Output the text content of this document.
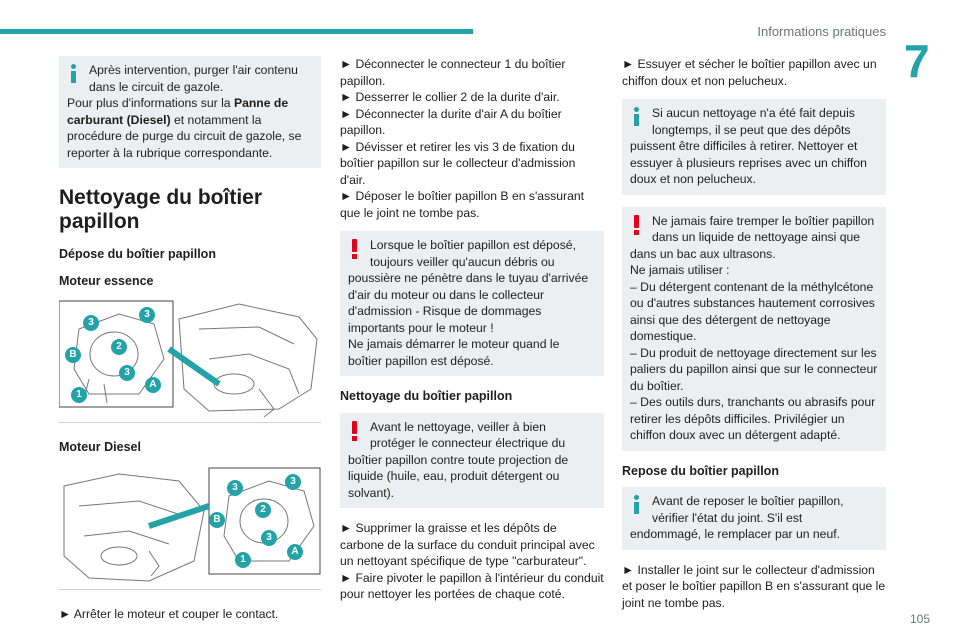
Informations pratiques
7
105

Après intervention, purger l'air contenu
dans le circuit de gazole.

Pour plus d'informations sur la Panne de carburant (Diesel) et notamment la procédure de purge du circuit de gazole, se reporter à la rubrique correspondante.

Nettoyage du boîtier papillon
Dépose du boîtier papillon
Moteur essence
3
3
2
B
3
A
1
Moteur Diesel
3
3
2
B
3
A
1

► Arrêter le moteur et couper le contact.

► Déconnecter le connecteur 1 du boîtier papillon.
► Desserrer le collier 2 de la durite d'air.
► Déconnecter la durite d'air A du boîtier papillon.
► Dévisser et retirer les vis 3 de fixation du boîtier papillon sur le collecteur d'admission d'air.
► Déposer le boîtier papillon B en s'assurant que le joint ne tombe pas.

Lorsque le boîtier papillon est déposé,
toujours veiller qu'aucun débris ou

poussière ne pénètre dans le tuyau d'arrivée d'air du moteur ou dans le collecteur d'admission - Risque de dommages importants pour le moteur !
Ne jamais démarrer le moteur quand le boîtier papillon est déposé.

Nettoyage du boîtier papillon

Avant le nettoyage, veiller à bien
protéger le connecteur électrique du

boîtier papillon contre toute projection de liquide (huile, eau, produit détergent ou solvant).

► Supprimer la graisse et les dépôts de carbone de la surface du conduit principal avec un nettoyant spécifique de type "carburateur".
► Faire pivoter le papillon à l'intérieur du conduit pour nettoyer les portées de chaque coté.

► Essuyer et sécher le boîtier papillon avec un chiffon doux et non pelucheux.

Si aucun nettoyage n'a été fait depuis
longtemps, il se peut que des dépôts

puissent être difficiles à retirer. Nettoyer et essuyer à plusieurs reprises avec un chiffon doux et non pelucheux.

Ne jamais faire tremper le boîtier papillon
dans un liquide de nettoyage ainsi que

dans un bac aux ultrasons.
Ne jamais utiliser :
– Du détergent contenant de la méthylcétone ou d'autres substances hautement corrosives ainsi que des détergent de nettoyage domestique.
– Du produit de nettoyage directement sur les paliers du papillon ainsi que sur le connecteur du boîtier.
– Des outils durs, tranchants ou abrasifs pour retirer les dépôts difficiles. Privilégier un chiffon doux avec un détergent adapté.

Repose du boîtier papillon

Avant de reposer le boîtier papillon,
vérifier l'état du joint. S'il est

endommagé, le remplacer par un neuf.

► Installer le joint sur le collecteur d'admission et poser le boîtier papillon B en s'assurant que le joint ne tombe pas.
